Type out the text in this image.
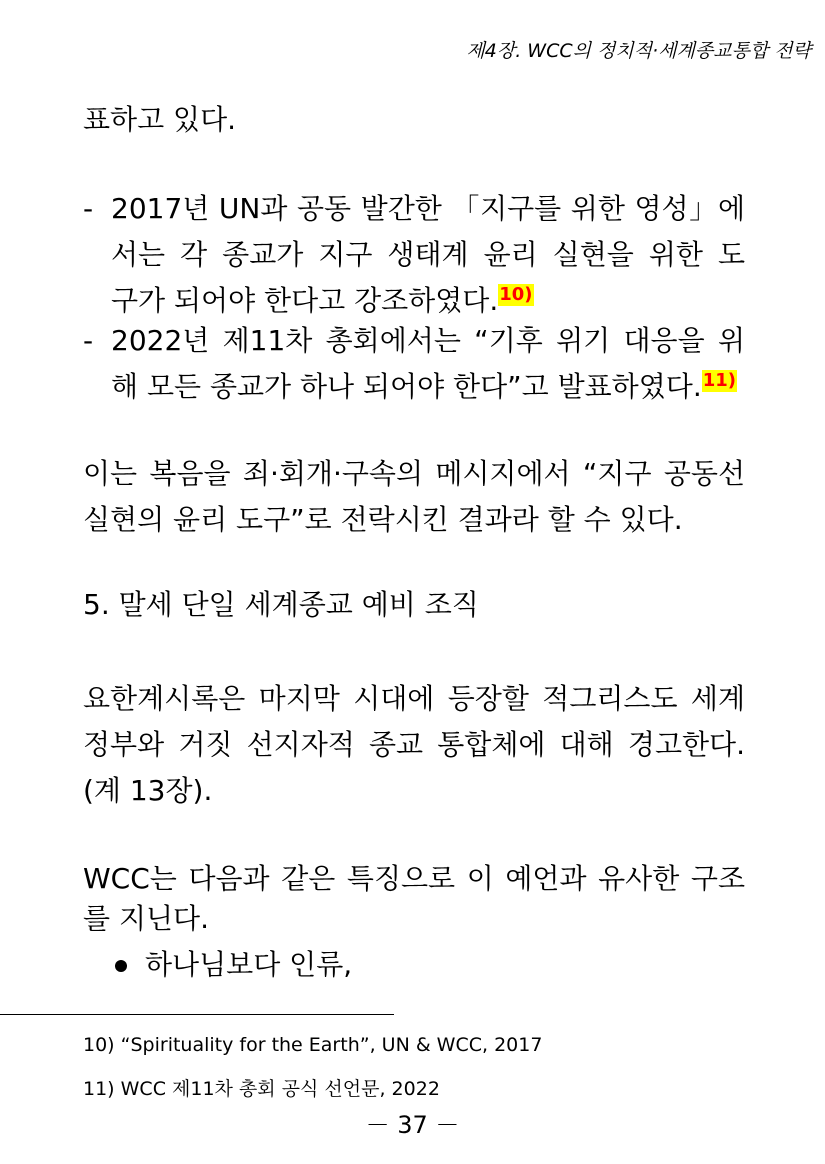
제4장. WCC의 정치적·세계종교통합 전략
표하고 있다.
- 2017년 UN과 공동 발간한 「지구를 위한 영성」에
서는 각 종교가 지구 생태계 윤리 실현을 위한 도
구가 되어야 한다고 강조하였다.10)
- 2022년 제11차 총회에서는 “기후 위기 대응을 위
해 모든 종교가 하나 되어야 한다”고 발표하였다.11)
이는 복음을 죄·회개·구속의 메시지에서 “지구 공동선
실현의 윤리 도구”로 전락시킨 결과라 할 수 있다.
5. 말세 단일 세계종교 예비 조직
요한계시록은 마지막 시대에 등장할 적그리스도 세계
정부와 거짓 선지자적 종교 통합체에 대해 경고한다.
(계 13장).
WCC는 다음과 같은 특징으로 이 예언과 유사한 구조
를 지닌다.
하나님보다 인류,
10) “Spirituality for the Earth”, UN & WCC, 2017
11) WCC 제11차 총회 공식 선언문, 2022
－ 37 －
